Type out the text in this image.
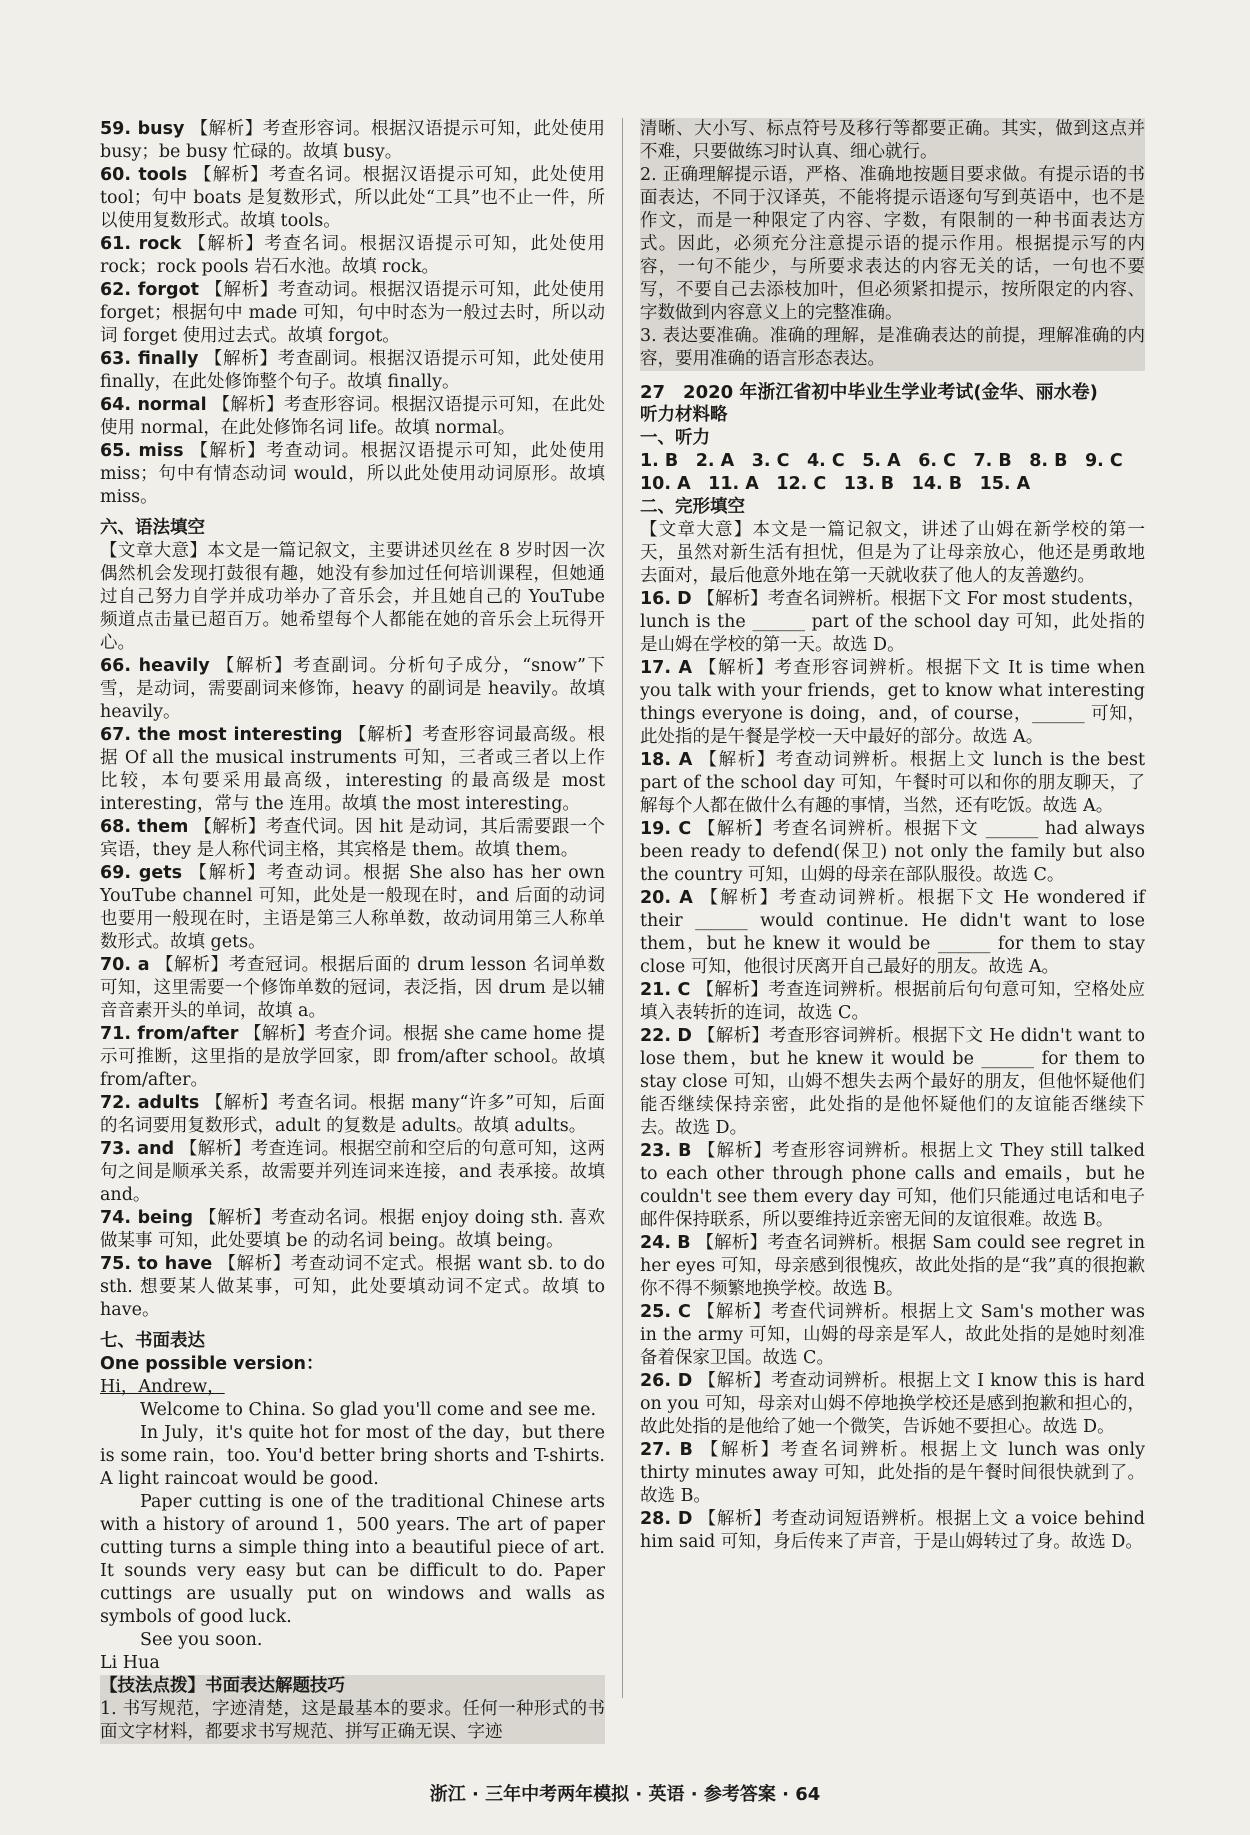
59. busy 【解析】考查形容词。根据汉语提示可知，此处使用 busy；be busy 忙碌的。故填 busy。

60. tools 【解析】考查名词。根据汉语提示可知，此处使用 tool；句中 boats 是复数形式，所以此处“工具”也不止一件，所以使用复数形式。故填 tools。

61. rock 【解析】考查名词。根据汉语提示可知，此处使用 rock；rock pools 岩石水池。故填 rock。

62. forgot 【解析】考查动词。根据汉语提示可知，此处使用 forget；根据句中 made 可知，句中时态为一般过去时，所以动词 forget 使用过去式。故填 forgot。

63. finally 【解析】考查副词。根据汉语提示可知，此处使用 finally，在此处修饰整个句子。故填 finally。

64. normal 【解析】考查形容词。根据汉语提示可知，在此处使用 normal，在此处修饰名词 life。故填 normal。

65. miss 【解析】考查动词。根据汉语提示可知，此处使用 miss；句中有情态动词 would，所以此处使用动词原形。故填 miss。

六、语法填空

【文章大意】本文是一篇记叙文，主要讲述贝丝在 8 岁时因一次偶然机会发现打鼓很有趣，她没有参加过任何培训课程，但她通过自己努力自学并成功举办了音乐会，并且她自己的 YouTube 频道点击量已超百万。她希望每个人都能在她的音乐会上玩得开心。

66. heavily 【解析】考查副词。分析句子成分，“snow”下雪，是动词，需要副词来修饰，heavy 的副词是 heavily。故填 heavily。

67. the most interesting 【解析】考查形容词最高级。根据 Of all the musical instruments 可知，三者或三者以上作比较，本句要采用最高级，interesting 的最高级是 most interesting，常与 the 连用。故填 the most interesting。

68. them 【解析】考查代词。因 hit 是动词，其后需要跟一个宾语，they 是人称代词主格，其宾格是 them。故填 them。

69. gets 【解析】考查动词。根据 She also has her own YouTube channel 可知，此处是一般现在时，and 后面的动词也要用一般现在时，主语是第三人称单数，故动词用第三人称单数形式。故填 gets。

70. a 【解析】考查冠词。根据后面的 drum lesson 名词单数可知，这里需要一个修饰单数的冠词，表泛指，因 drum 是以辅音音素开头的单词，故填 a。

71. from/after 【解析】考查介词。根据 she came home 提示可推断，这里指的是放学回家，即 from/after school。故填 from/after。

72. adults 【解析】考查名词。根据 many“许多”可知，后面的名词要用复数形式，adult 的复数是 adults。故填 adults。

73. and 【解析】考查连词。根据空前和空后的句意可知，这两句之间是顺承关系，故需要并列连词来连接，and 表承接。故填 and。

74. being 【解析】考查动名词。根据 enjoy doing sth. 喜欢做某事 可知，此处要填 be 的动名词 being。故填 being。

75. to have 【解析】考查动词不定式。根据 want sb. to do sth. 想要某人做某事，可知，此处要填动词不定式。故填 to have。

七、书面表达

One possible version：

Hi，Andrew，

Welcome to China. So glad you'll come and see me.
In July，it's quite hot for most of the day，but there is some rain，too. You'd better bring shorts and T-shirts. A light raincoat would be good.
Paper cutting is one of the traditional Chinese arts with a history of around 1，500 years. The art of paper cutting turns a simple thing into a beautiful piece of art. It sounds very easy but can be difficult to do. Paper cuttings are usually put on windows and walls as symbols of good luck.
See you soon.

Li Hua

【技法点拨】书面表达解题技巧

1. 书写规范，字迹清楚，这是最基本的要求。任何一种形式的书面文字材料，都要求书写规范、拼写正确无误、字迹

清晰、大小写、标点符号及移行等都要正确。其实，做到这点并不难，只要做练习时认真、细心就行。

2. 正确理解提示语，严格、准确地按题目要求做。有提示语的书面表达，不同于汉译英，不能将提示语逐句写到英语中，也不是作文，而是一种限定了内容、字数，有限制的一种书面表达方式。因此，必须充分注意提示语的提示作用。根据提示写的内容，一句不能少，与所要求表达的内容无关的话，一句也不要写，不要自己去添枝加叶，但必须紧扣提示，按所限定的内容、字数做到内容意义上的完整准确。

3. 表达要准确。准确的理解，是准确表达的前提，理解准确的内容，要用准确的语言形态表达。

27　2020 年浙江省初中毕业生学业考试(金华、丽水卷)

听力材料略

一、听力

1. B　2. A　3. C　4. C　5. A　6. C　7. B　8. B　9. C

10. A　11. A　12. C　13. B　14. B　15. A

二、完形填空

【文章大意】本文是一篇记叙文，讲述了山姆在新学校的第一天，虽然对新生活有担忧，但是为了让母亲放心，他还是勇敢地去面对，最后他意外地在第一天就收获了他人的友善邀约。

16. D 【解析】考查名词辨析。根据下文 For most students，lunch is the ______ part of the school day 可知，此处指的是山姆在学校的第一天。故选 D。

17. A 【解析】考查形容词辨析。根据下文 It is time when you talk with your friends，get to know what interesting things everyone is doing，and，of course，______ 可知，此处指的是午餐是学校一天中最好的部分。故选 A。

18. A 【解析】考查动词辨析。根据上文 lunch is the best part of the school day 可知，午餐时可以和你的朋友聊天，了解每个人都在做什么有趣的事情，当然，还有吃饭。故选 A。

19. C 【解析】考查名词辨析。根据下文 ______ had always been ready to defend(保卫) not only the family but also the country 可知，山姆的母亲在部队服役。故选 C。

20. A 【解析】考查动词辨析。根据下文 He wondered if their ______ would continue. He didn't want to lose them，but he knew it would be ______ for them to stay close 可知，他很讨厌离开自己最好的朋友。故选 A。

21. C 【解析】考查连词辨析。根据前后句句意可知，空格处应填入表转折的连词，故选 C。

22. D 【解析】考查形容词辨析。根据下文 He didn't want to lose them，but he knew it would be ______ for them to stay close 可知，山姆不想失去两个最好的朋友，但他怀疑他们能否继续保持亲密，此处指的是他怀疑他们的友谊能否继续下去。故选 D。

23. B 【解析】考查形容词辨析。根据上文 They still talked to each other through phone calls and emails，but he couldn't see them every day 可知，他们只能通过电话和电子邮件保持联系，所以要维持近亲密无间的友谊很难。故选 B。

24. B 【解析】考查名词辨析。根据 Sam could see regret in her eyes 可知，母亲感到很愧疚，故此处指的是“我”真的很抱歉你不得不频繁地换学校。故选 B。

25. C 【解析】考查代词辨析。根据上文 Sam's mother was in the army 可知，山姆的母亲是军人，故此处指的是她时刻准备着保家卫国。故选 C。

26. D 【解析】考查动词辨析。根据上文 I know this is hard on you 可知，母亲对山姆不停地换学校还是感到抱歉和担心的，故此处指的是他给了她一个微笑，告诉她不要担心。故选 D。

27. B 【解析】考查名词辨析。根据上文 lunch was only thirty minutes away 可知，此处指的是午餐时间很快就到了。故选 B。

28. D 【解析】考查动词短语辨析。根据上文 a voice behind him said 可知，身后传来了声音，于是山姆转过了身。故选 D。

浙江 · 三年中考两年模拟 · 英语 · 参考答案 · 64
